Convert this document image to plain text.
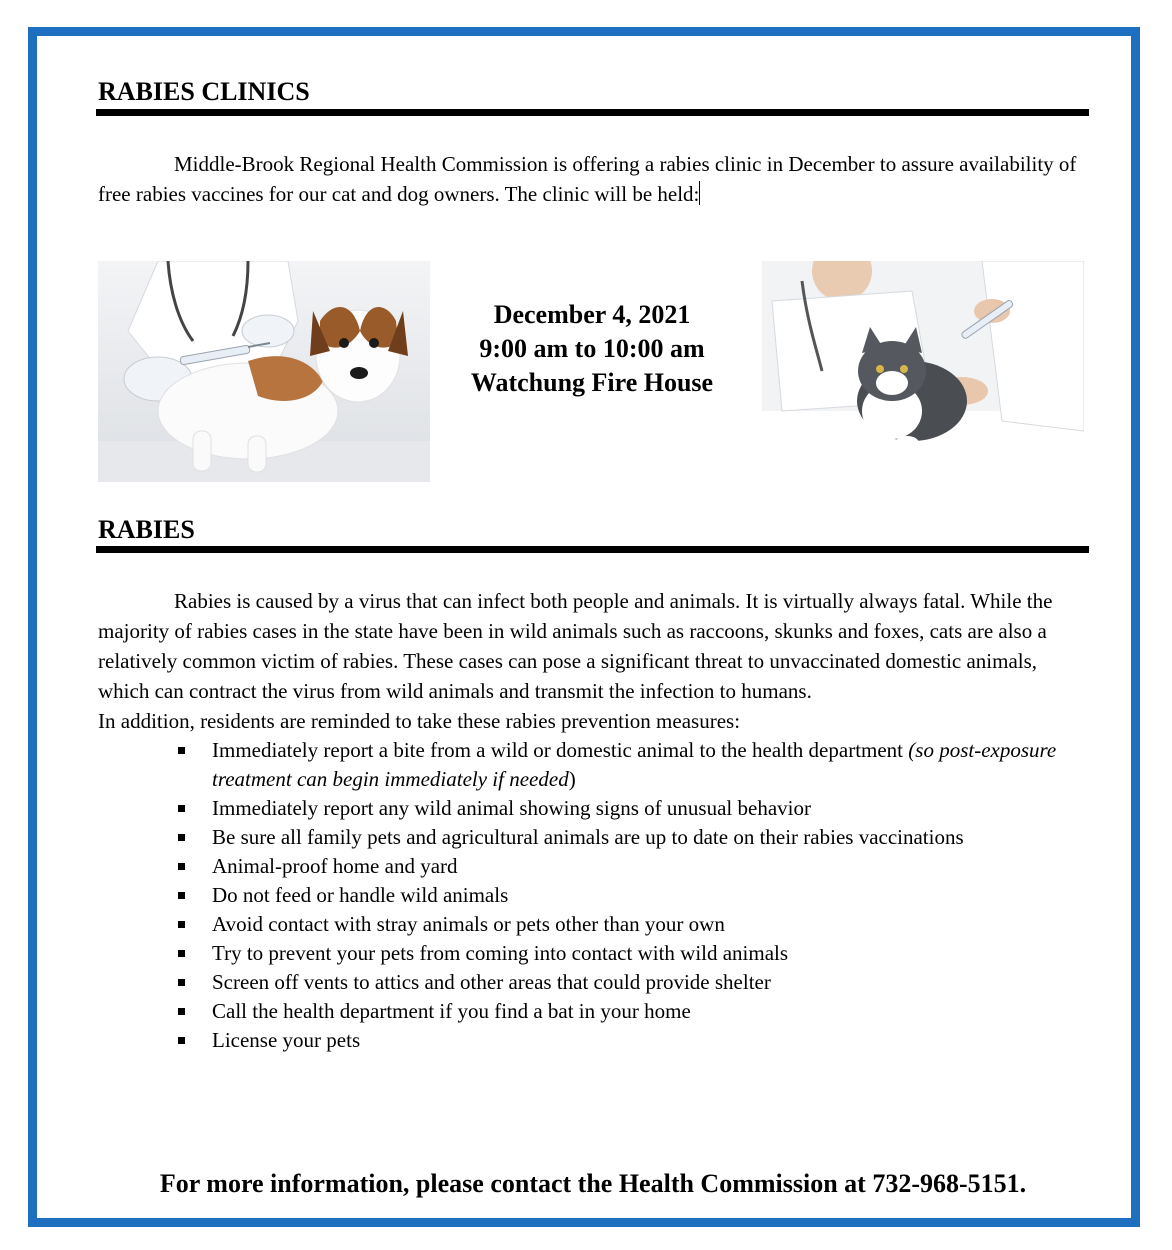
RABIES CLINICS

Middle-Brook Regional Health Commission is offering a rabies clinic in December to assure availability of free rabies vaccines for our cat and dog owners. The clinic will be held:

December 4, 2021
9:00 am to 10:00 am
Watchung Fire House
RABIES

Rabies is caused by a virus that can infect both people and animals. It is virtually always fatal. While the majority of rabies cases in the state have been in wild animals such as raccoons, skunks and foxes, cats are also a relatively common victim of rabies. These cases can pose a significant threat to unvaccinated domestic animals, which can contract the virus from wild animals and transmit the infection to humans.

In addition, residents are reminded to take these rabies prevention measures:

Immediately report a bite from a wild or domestic animal to the health department (so post-exposure treatment can begin immediately if needed)
Immediately report any wild animal showing signs of unusual behavior
Be sure all family pets and agricultural animals are up to date on their rabies vaccinations
Animal-proof home and yard
Do not feed or handle wild animals
Avoid contact with stray animals or pets other than your own
Try to prevent your pets from coming into contact with wild animals
Screen off vents to attics and other areas that could provide shelter
Call the health department if you find a bat in your home
License your pets
For more information, please contact the Health Commission at 732-968-5151.
